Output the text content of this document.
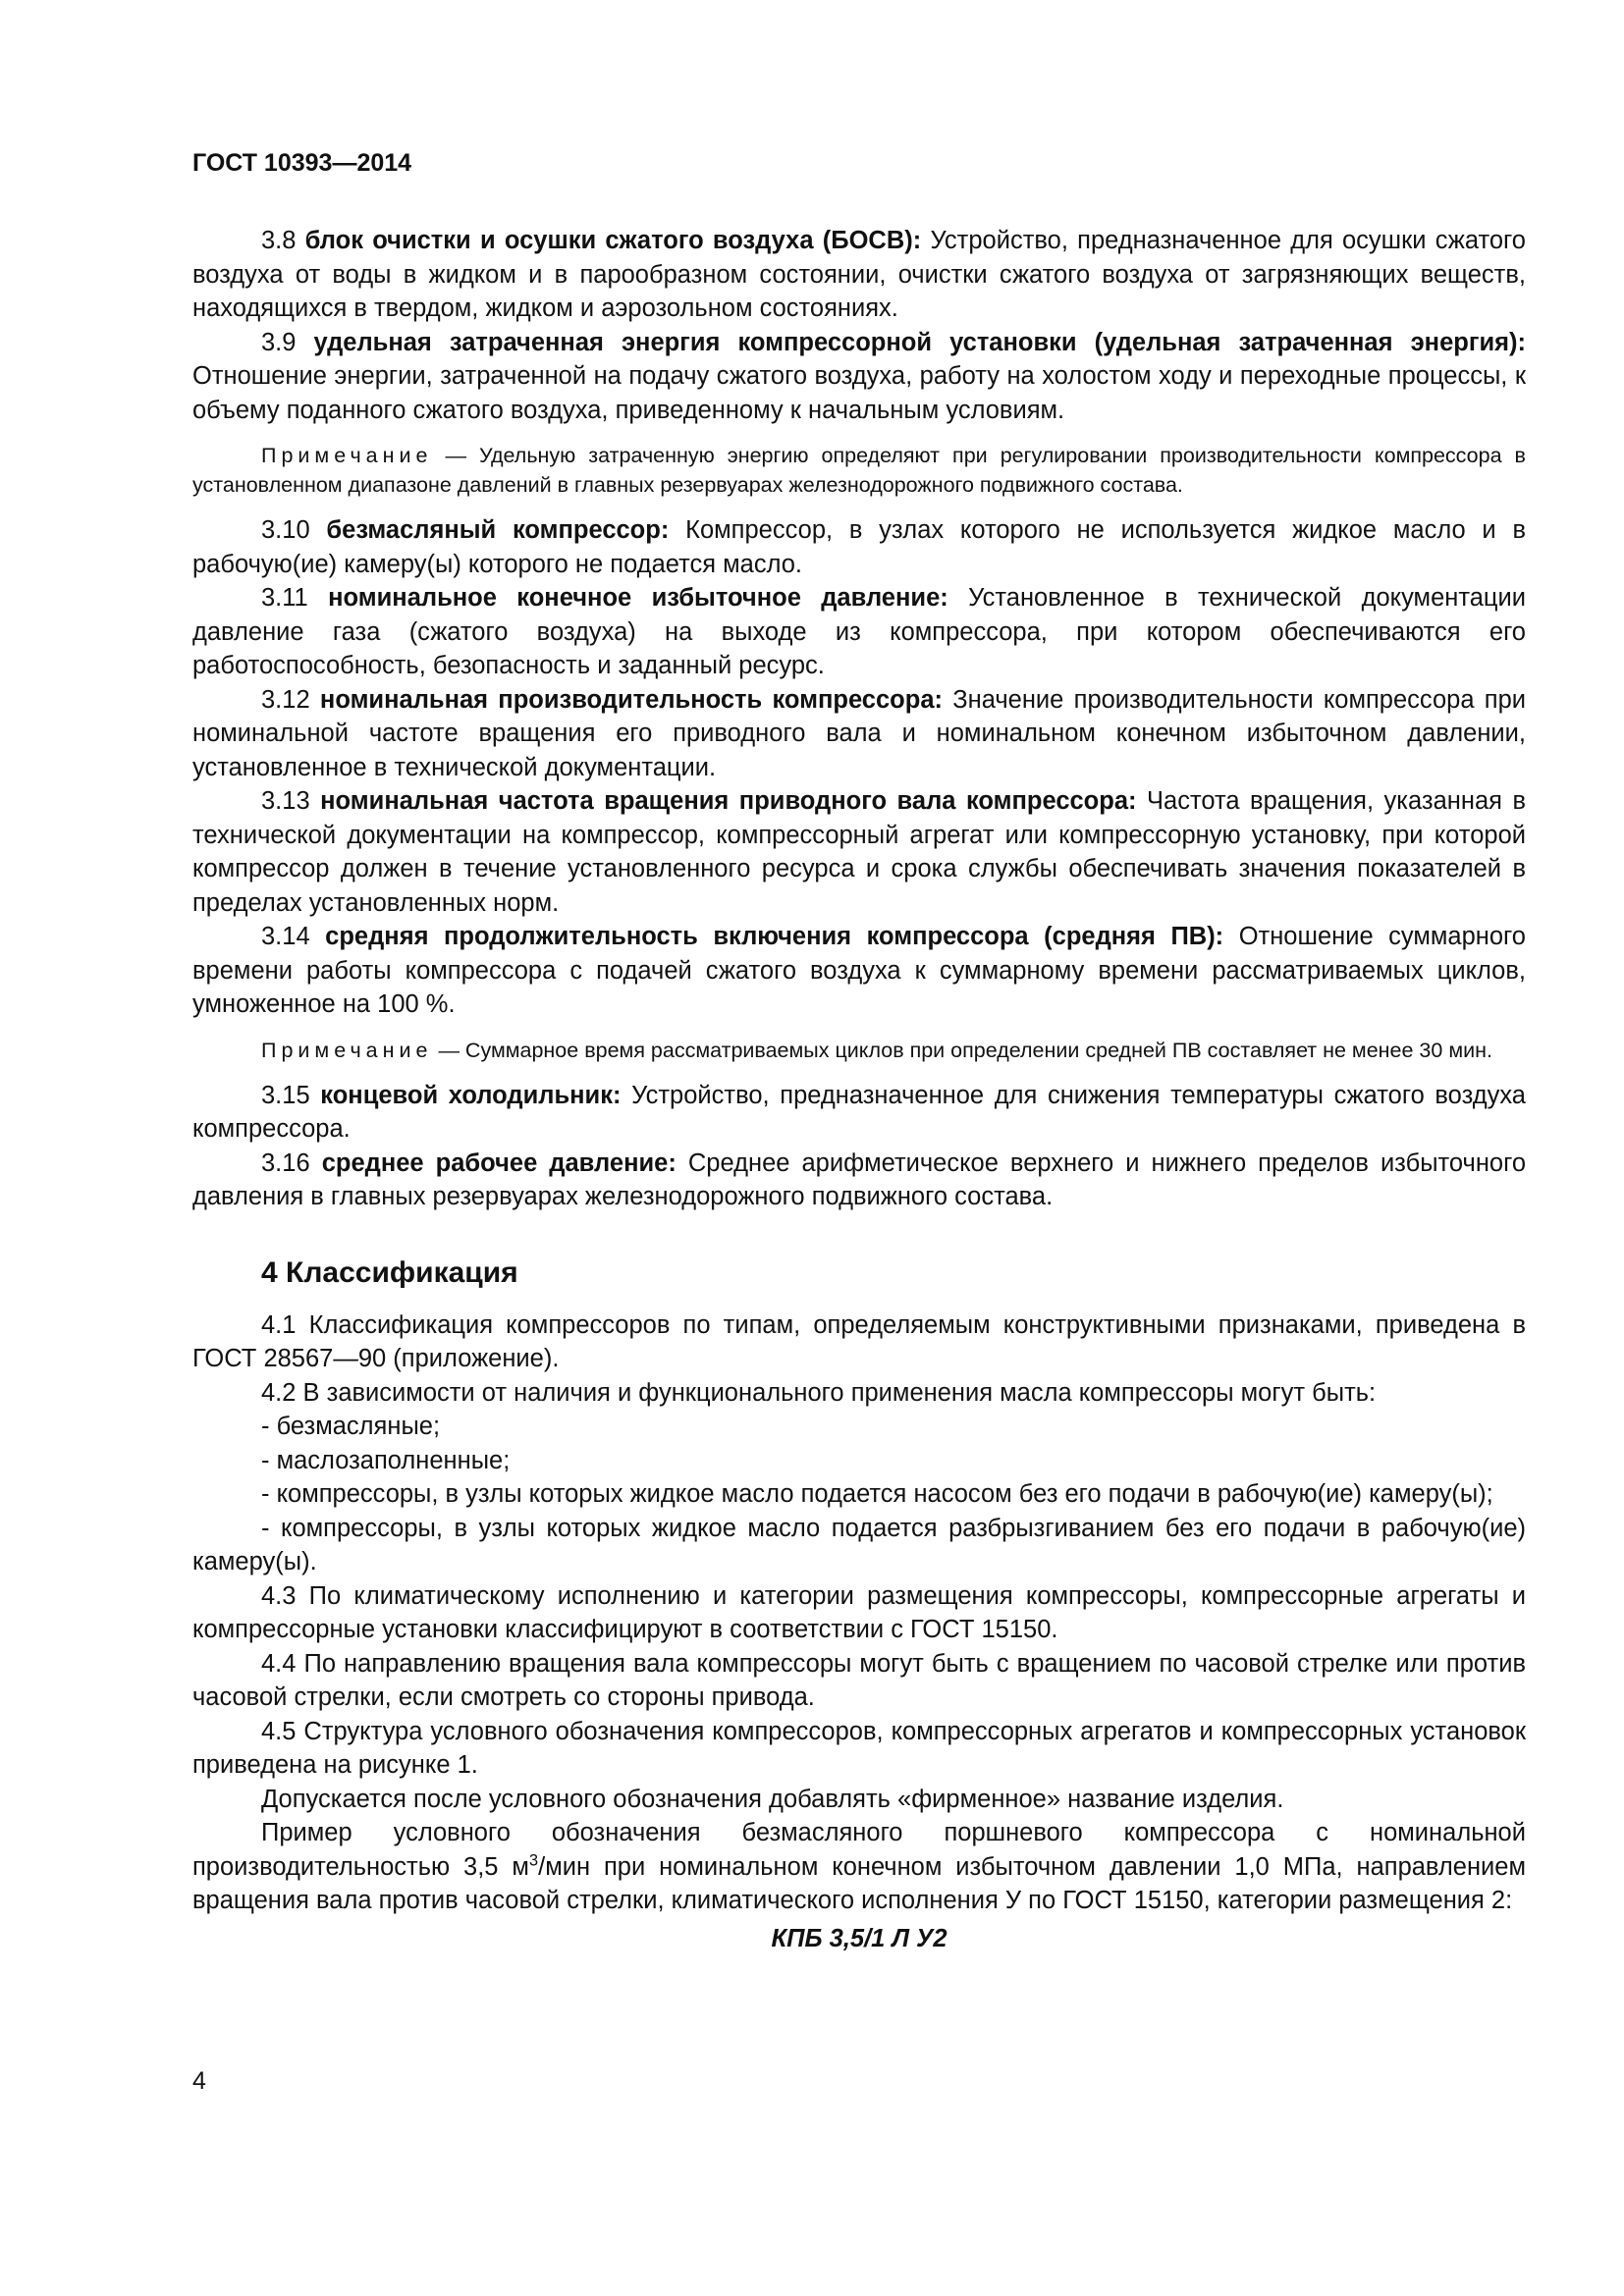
ГОСТ 10393—2014

3.8 блок очистки и осушки сжатого воздуха (БОСВ): Устройство, предназначенное для осушки сжатого воздуха от воды в жидком и в парообразном состоянии, очистки сжатого воздуха от загрязняющих веществ, находящихся в твердом, жидком и аэрозольном состояниях.

3.9 удельная затраченная энергия компрессорной установки (удельная затраченная энергия): Отношение энергии, затраченной на подачу сжатого воздуха, работу на холостом ходу и переходные процессы, к объему поданного сжатого воздуха, приведенному к начальным условиям.

Примечание — Удельную затраченную энергию определяют при регулировании производительности компрессора в установленном диапазоне давлений в главных резервуарах железнодорожного подвижного состава.

3.10 безмасляный компрессор: Компрессор, в узлах которого не используется жидкое масло и в рабочую(ие) камеру(ы) которого не подается масло.

3.11 номинальное конечное избыточное давление: Установленное в технической документации давление газа (сжатого воздуха) на выходе из компрессора, при котором обеспечиваются его работоспособность, безопасность и заданный ресурс.

3.12 номинальная производительность компрессора: Значение производительности компрессора при номинальной частоте вращения его приводного вала и номинальном конечном избыточном давлении, установленное в технической документации.

3.13 номинальная частота вращения приводного вала компрессора: Частота вращения, указанная в технической документации на компрессор, компрессорный агрегат или компрессорную установку, при которой компрессор должен в течение установленного ресурса и срока службы обеспечивать значения показателей в пределах установленных норм.

3.14 средняя продолжительность включения компрессора (средняя ПВ): Отношение суммарного времени работы компрессора с подачей сжатого воздуха к суммарному времени рассматриваемых циклов, умноженное на 100 %.

Примечание — Суммарное время рассматриваемых циклов при определении средней ПВ составляет не менее 30 мин.

3.15 концевой холодильник: Устройство, предназначенное для снижения температуры сжатого воздуха компрессора.

3.16 среднее рабочее давление: Среднее арифметическое верхнего и нижнего пределов избыточного давления в главных резервуарах железнодорожного подвижного состава.

4 Классификация

4.1 Классификация компрессоров по типам, определяемым конструктивными признаками, приведена в ГОСТ 28567—90 (приложение).

4.2 В зависимости от наличия и функционального применения масла компрессоры могут быть:

- безмасляные;

- маслозаполненные;

- компрессоры, в узлы которых жидкое масло подается насосом без его подачи в рабочую(ие) камеру(ы);

- компрессоры, в узлы которых жидкое масло подается разбрызгиванием без его подачи в рабочую(ие) камеру(ы).

4.3 По климатическому исполнению и категории размещения компрессоры, компрессорные агрегаты и компрессорные установки классифицируют в соответствии с ГОСТ 15150.

4.4 По направлению вращения вала компрессоры могут быть с вращением по часовой стрелке или против часовой стрелки, если смотреть со стороны привода.

4.5 Структура условного обозначения компрессоров, компрессорных агрегатов и компрессорных установок приведена на рисунке 1.

Допускается после условного обозначения добавлять «фирменное» название изделия.

Пример условного обозначения безмасляного поршневого компрессора с номинальной производительностью 3,5 $м^3$/мин при номинальном конечном избыточном давлении 1,0 МПа, направлением вращения вала против часовой стрелки, климатического исполнения У по ГОСТ 15150, категории размещения 2:

КПБ 3,5/1 Л У2

4
